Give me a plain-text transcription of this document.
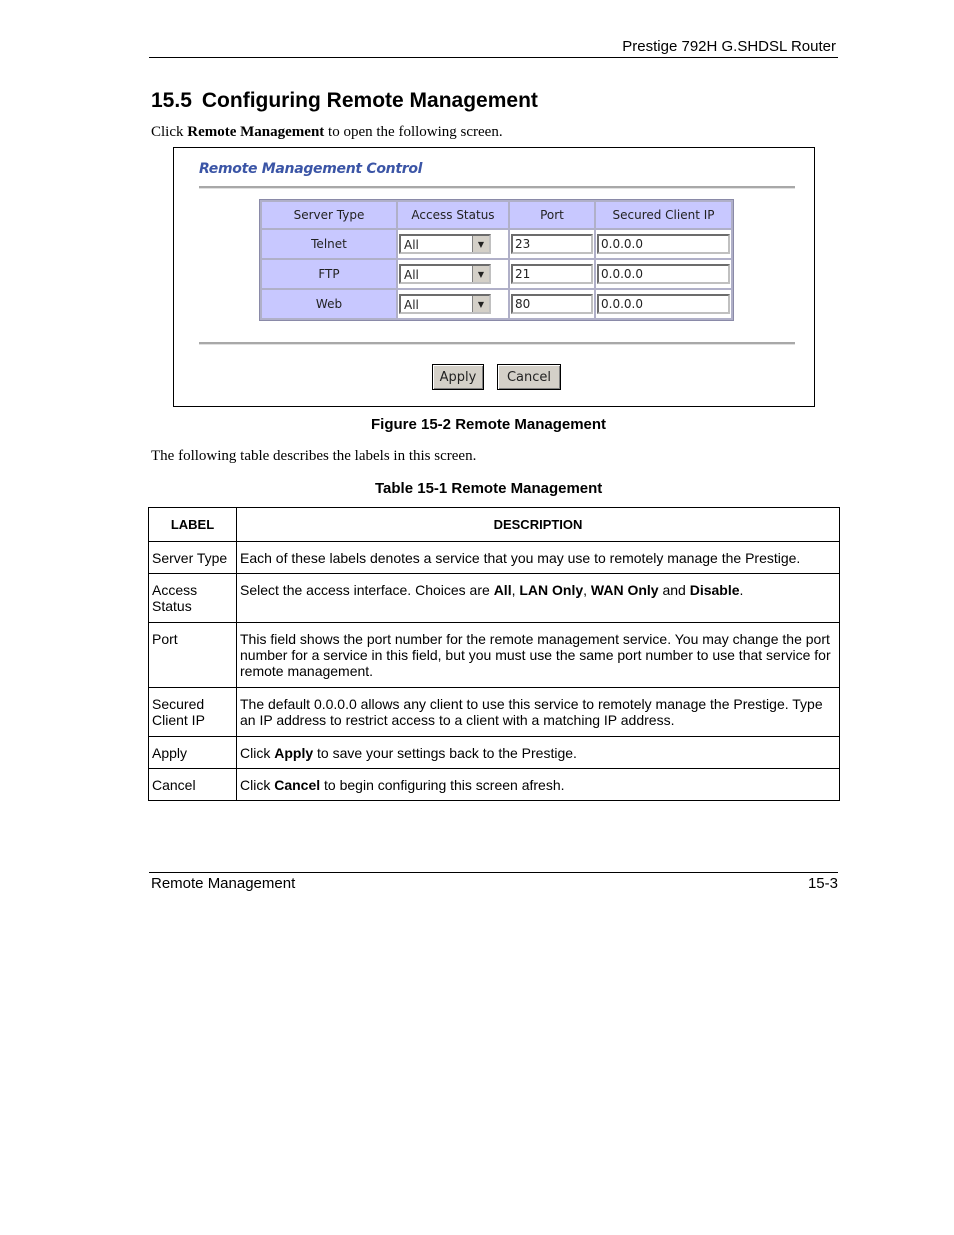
Prestige 792H G.SHDSL Router
15.5 Configuring Remote Management
Click Remote Management to open the following screen.
Remote Management Control
Server Type	Access Status	Port	Secured Client IP
Telnet	All ▼	23	0.0.0.0

FTP	All ▼	21	0.0.0.0

Web	All ▼	80	0.0.0.0
Apply	Cancel
Figure 15-2 Remote Management
The following table describes the labels in this screen.
Table 15-1 Remote Management
LABEL	DESCRIPTION
Server Type	Each of these labels denotes a service that you may use to remotely manage the Prestige.
Access Status	Select the access interface. Choices are All, LAN Only, WAN Only and Disable.
Port	This field shows the port number for the remote management service. You may change the port number for a service in this field, but you must use the same port number to use that service for remote management.
Secured Client IP	The default 0.0.0.0 allows any client to use this service to remotely manage the Prestige. Type an IP address to restrict access to a client with a matching IP address.
Apply	Click Apply to save your settings back to the Prestige.
Cancel	Click Cancel to begin configuring this screen afresh.
Remote Management	15-3
